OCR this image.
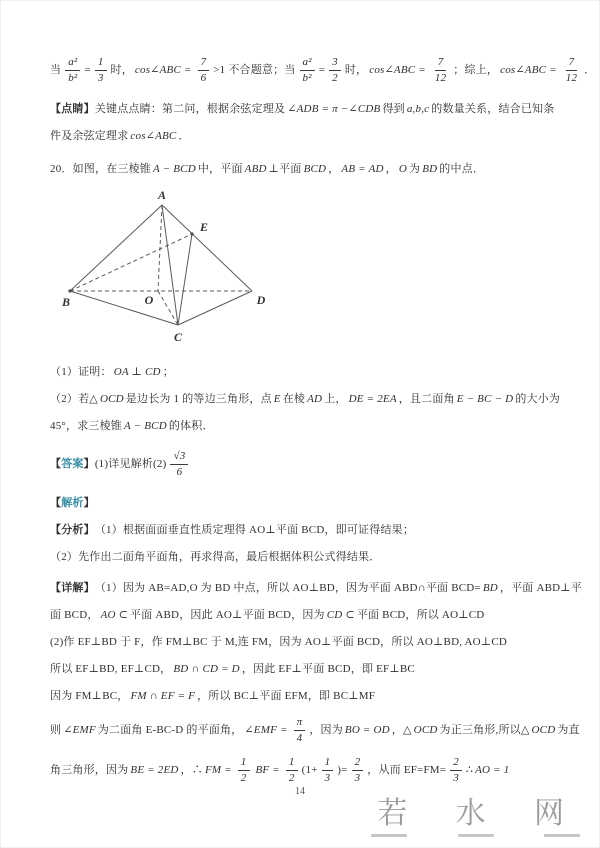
当 $\frac{\text{a²}}{\text{b²}} = \frac{1}{3}$ 时， cos∠ABC = $\frac{7}{6} >1$ 不合题意；当 $\frac{\text{a²}}{\text{b²}} = \frac{3}{2}$ 时， cos∠ABC = $\frac{7}{12}$ ；综上， cos∠ABC = $\frac{7}{12}$ ．
【点睛】 关键点点睛：第二问，根据余弦定理及 ∠ADB = π −∠CDB 得到 a,b,c 的数量关系，结合已知条
件及余弦定理求 cos∠ABC ．
20．如图，在三棱锥 A − BCD 中，平面 ABD ⊥平面 BCD ， AB = AD ， O 为 BD 的中点．
A
E
B	O	D
C
（1）证明： OA ⊥ CD ；
（2）若△ OCD 是边长为 1 的等边三角形，点 E 在棱 AD 上， DE = 2EA ，且二面角 E − BC − D 的大小为
45°，求三棱锥 A − BCD 的体积．
【 答案 】 (1)详见解析$(2) \frac{√3}{6}$
【 解析 】
【分析】 （1）根据面面垂直性质定理得 AO⊥平面 BCD，即可证得结果；
（2）先作出二面角平面角，再求得高，最后根据体积公式得结果．
【详解】 （1）因为 AB=AD,O 为 BD 中点，所以 AO⊥BD，因为平面 ABD∩平面 BCD= BD ，平面 ABD⊥平
面 BCD， AO ⊂ 平面 ABD，因此 AO⊥平面 BCD，因为 CD ⊂ 平面 BCD，所以 AO⊥CD
(2)作 EF⊥BD 于 F，作 FM⊥BC 于 M,连 FM，因为 AO⊥平面 BCD，所以 AO⊥BD, AO⊥CD
所以 EF⊥BD, EF⊥CD， BD ∩ CD = D ，因此 EF⊥平面 BCD，即 EF⊥BC
因为 FM⊥BC， FM ∩ EF = F ，所以 BC⊥平面 EFM，即 BC⊥MF
则 ∠EMF 为二面角 E-BC-D 的平面角， ∠EMF = $\frac{\pi}{4}$ ，因为 BO = OD ，△ OCD 为正三角形,所以△ OCD 为直
角三角形，因为 BE = 2ED ，∴ FM = $\frac{1}{2}$ BF = $\frac{1}{2} (1+ \frac{1}{3}$ )= $\frac{2}{3}$ ，从而 $EF=FM= \frac{2}{3}$ ∴ AO = 1
14
若 水 网
